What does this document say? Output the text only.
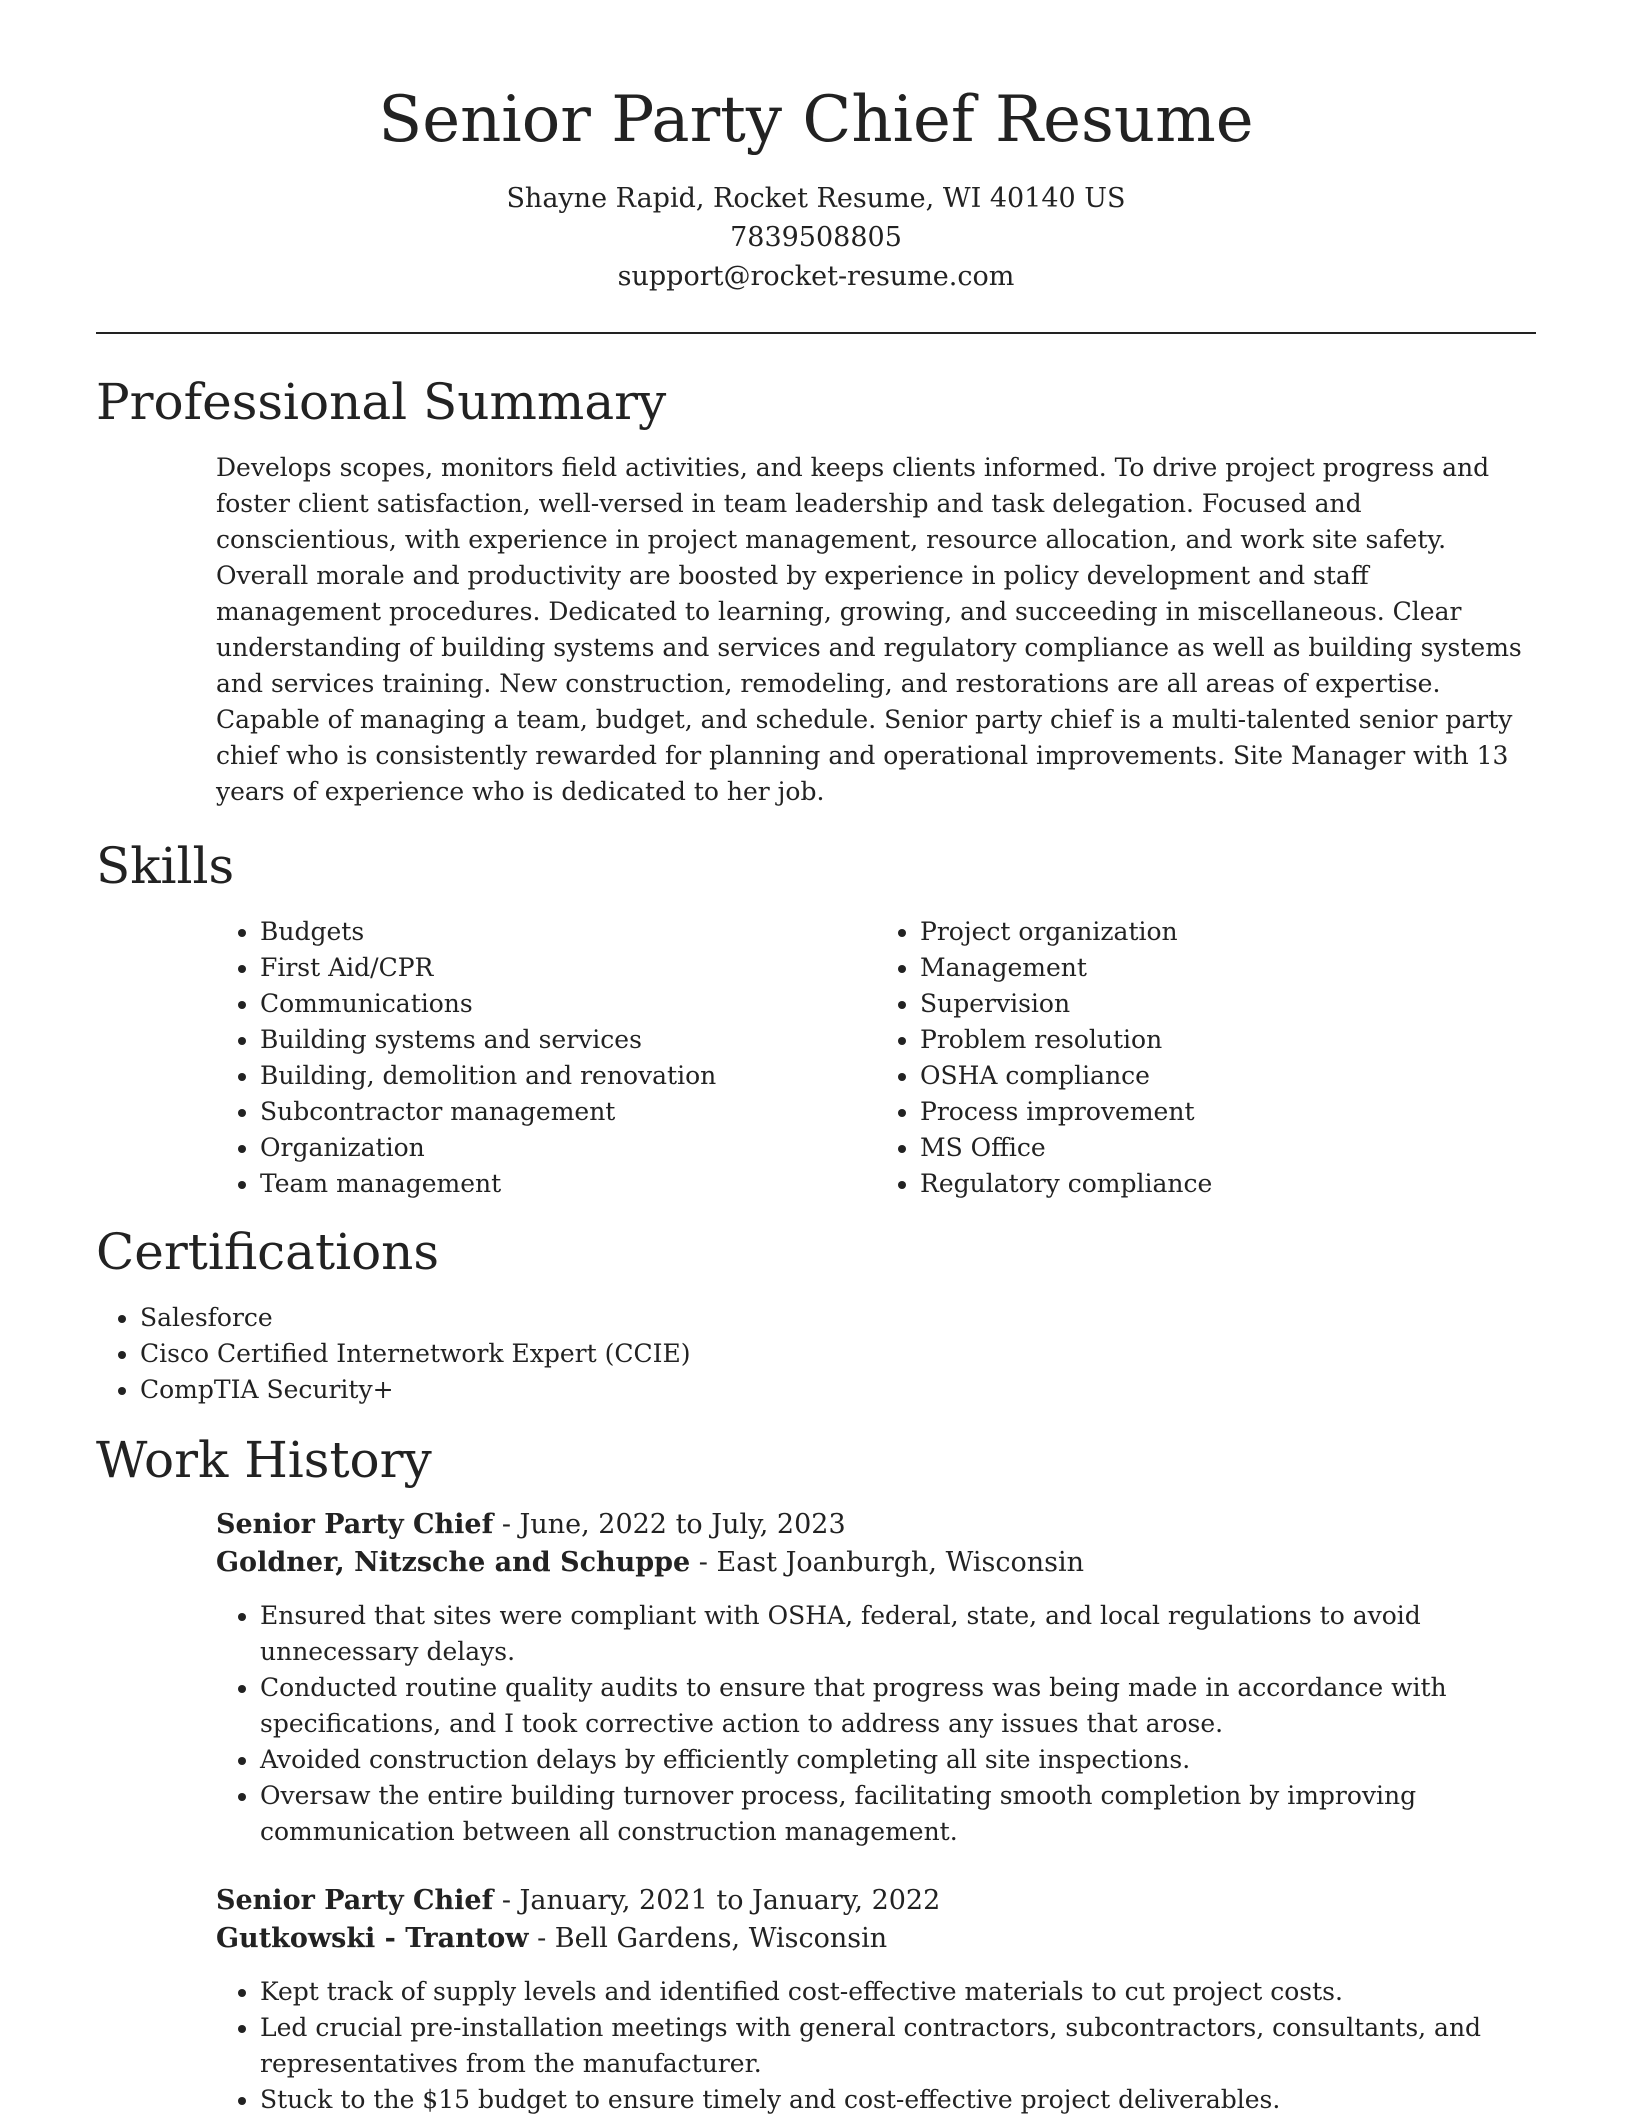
Senior Party Chief Resume
Shayne Rapid, Rocket Resume, WI 40140 US
7839508805
support@rocket-resume.com
Professional Summary

Develops scopes, monitors field activities, and keeps clients informed. To drive project progress and foster client satisfaction, well-versed in team leadership and task delegation. Focused and conscientious, with experience in project management, resource allocation, and work site safety. Overall morale and productivity are boosted by experience in policy development and staff management procedures. Dedicated to learning, growing, and succeeding in miscellaneous. Clear understanding of building systems and services and regulatory compliance as well as building systems and services training. New construction, remodeling, and restorations are all areas of expertise. Capable of managing a team, budget, and schedule. Senior party chief is a multi-talented senior party chief who is consistently rewarded for planning and operational improvements. Site Manager with 13 years of experience who is dedicated to her job.

Skills
• Budgets
• First Aid/CPR
• Communications
• Building systems and services
• Building, demolition and renovation
• Subcontractor management
• Organization
• Team management
• Project organization
• Management
• Supervision
• Problem resolution
• OSHA compliance
• Process improvement
• MS Office
• Regulatory compliance
Certifications
• Salesforce
• Cisco Certified Internetwork Expert (CCIE)
• CompTIA Security+
Work History
Senior Party Chief - June, 2022 to July, 2023
Goldner, Nitzsche and Schuppe - East Joanburgh, Wisconsin
• Ensured that sites were compliant with OSHA, federal, state, and local regulations to avoid unnecessary delays.
• Conducted routine quality audits to ensure that progress was being made in accordance with specifications, and I took corrective action to address any issues that arose.
• Avoided construction delays by efficiently completing all site inspections.
• Oversaw the entire building turnover process, facilitating smooth completion by improving communication between all construction management.
Senior Party Chief - January, 2021 to January, 2022
Gutkowski - Trantow - Bell Gardens, Wisconsin
• Kept track of supply levels and identified cost-effective materials to cut project costs.
• Led crucial pre-installation meetings with general contractors, subcontractors, consultants, and representatives from the manufacturer.
• Stuck to the $15 budget to ensure timely and cost-effective project deliverables.
